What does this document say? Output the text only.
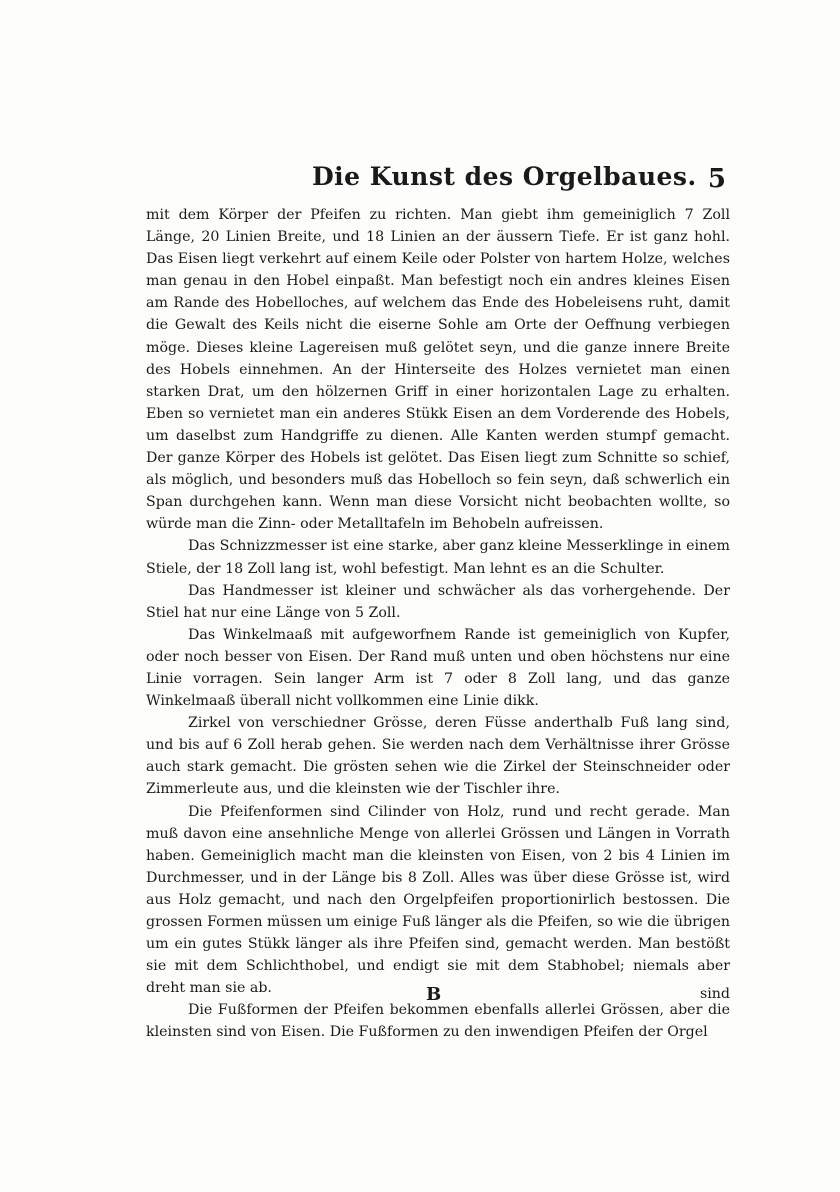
Die Kunst des Orgelbaues. 5

mit dem Körper der Pfeifen zu richten. Man giebt ihm gemeiniglich 7 Zoll Länge, 20 Linien Breite, und 18 Linien an der äussern Tiefe. Er ist ganz hohl. Das Eisen liegt verkehrt auf einem Keile oder Polster von hartem Holze, welches man genau in den Hobel einpaßt. Man befestigt noch ein andres kleines Eisen am Rande des Hobelloches, auf welchem das Ende des Hobeleisens ruht, damit die Gewalt des Keils nicht die eiserne Sohle am Orte der Oeffnung verbiegen möge. Dieses kleine Lagereisen muß gelötet seyn, und die ganze innere Breite des Hobels einnehmen. An der Hinterseite des Holzes vernietet man einen starken Drat, um den hölzernen Griff in einer horizontalen Lage zu erhalten. Eben so vernietet man ein anderes Stükk Eisen an dem Vorderende des Hobels, um daselbst zum Handgriffe zu dienen. Alle Kanten werden stumpf gemacht. Der ganze Körper des Hobels ist gelötet. Das Eisen liegt zum Schnitte so schief, als möglich, und besonders muß das Hobelloch so fein seyn, daß schwerlich ein Span durchgehen kann. Wenn man diese Vorsicht nicht beobachten wollte, so würde man die Zinn- oder Metalltafeln im Behobeln aufreissen.

Das Schnizzmesser ist eine starke, aber ganz kleine Messerklinge in einem Stiele, der 18 Zoll lang ist, wohl befestigt. Man lehnt es an die Schulter.

Das Handmesser ist kleiner und schwächer als das vorhergehende. Der Stiel hat nur eine Länge von 5 Zoll.

Das Winkelmaaß mit aufgeworfnem Rande ist gemeiniglich von Kupfer, oder noch besser von Eisen. Der Rand muß unten und oben höchstens nur eine Linie vorragen. Sein langer Arm ist 7 oder 8 Zoll lang, und das ganze Winkelmaaß überall nicht vollkommen eine Linie dikk.

Zirkel von verschiedner Grösse, deren Füsse anderthalb Fuß lang sind, und bis auf 6 Zoll herab gehen. Sie werden nach dem Verhältnisse ihrer Grösse auch stark gemacht. Die grösten sehen wie die Zirkel der Steinschneider oder Zimmerleute aus, und die kleinsten wie der Tischler ihre.

Die Pfeifenformen sind Cilinder von Holz, rund und recht gerade. Man muß davon eine ansehnliche Menge von allerlei Grössen und Längen in Vorrath haben. Gemeiniglich macht man die kleinsten von Eisen, von 2 bis 4 Linien im Durchmesser, und in der Länge bis 8 Zoll. Alles was über diese Grösse ist, wird aus Holz gemacht, und nach den Orgelpfeifen proportionirlich bestossen. Die grossen Formen müssen um einige Fuß länger als die Pfeifen, so wie die übrigen um ein gutes Stükk länger als ihre Pfeifen sind, gemacht werden. Man bestößt sie mit dem Schlichthobel, und endigt sie mit dem Stabhobel; niemals aber dreht man sie ab.

Die Fußformen der Pfeifen bekommen ebenfalls allerlei Grössen, aber die kleinsten sind von Eisen. Die Fußformen zu den inwendigen Pfeifen der Orgel

B	sind
